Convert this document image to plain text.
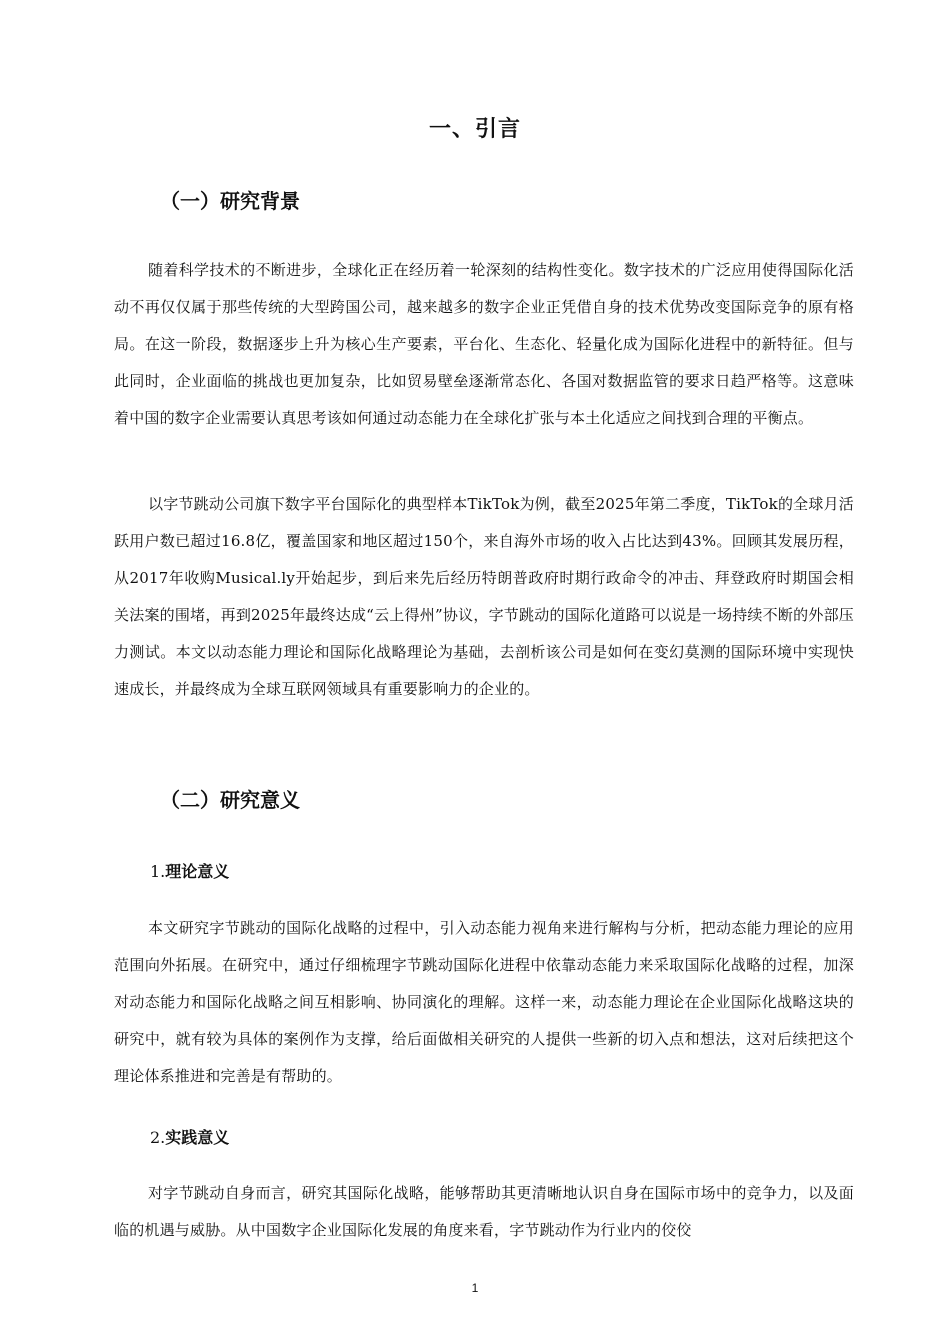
一、引言
（一）研究背景

随着科学技术的不断进步，全球化正在经历着一轮深刻的结构性变化。数字技术的广泛应用使得国际化活动不再仅仅属于那些传统的大型跨国公司，越来越多的数字企业正凭借自身的技术优势改变国际竞争的原有格局。在这一阶段，数据逐步上升为核心生产要素，平台化、生态化、轻量化成为国际化进程中的新特征。但与此同时，企业面临的挑战也更加复杂，比如贸易壁垒逐渐常态化、各国对数据监管的要求日趋严格等。这意味着中国的数字企业需要认真思考该如何通过动态能力在全球化扩张与本土化适应之间找到合理的平衡点。

以字节跳动公司旗下数字平台国际化的典型样本TikTok为例，截至2025年第二季度，TikTok的全球月活跃用户数已超过16.8亿，覆盖国家和地区超过150个，来自海外市场的收入占比达到43%。回顾其发展历程，从2017年收购Musical.ly开始起步，到后来先后经历特朗普政府时期行政命令的冲击、拜登政府时期国会相关法案的围堵，再到2025年最终达成“云上得州”协议，字节跳动的国际化道路可以说是一场持续不断的外部压力测试。本文以动态能力理论和国际化战略理论为基础，去剖析该公司是如何在变幻莫测的国际环境中实现快速成长，并最终成为全球互联网领域具有重要影响力的企业的。

（二）研究意义
1.理论意义

本文研究字节跳动的国际化战略的过程中，引入动态能力视角来进行解构与分析，把动态能力理论的应用范围向外拓展。在研究中，通过仔细梳理字节跳动国际化进程中依靠动态能力来采取国际化战略的过程，加深对动态能力和国际化战略之间互相影响、协同演化的理解。这样一来，动态能力理论在企业国际化战略这块的研究中，就有较为具体的案例作为支撑，给后面做相关研究的人提供一些新的切入点和想法，这对后续把这个理论体系推进和完善是有帮助的。

2.实践意义

对字节跳动自身而言，研究其国际化战略，能够帮助其更清晰地认识自身在国际市场中的竞争力，以及面临的机遇与威胁。从中国数字企业国际化发展的角度来看，字节跳动作为行业内的佼佼

1
